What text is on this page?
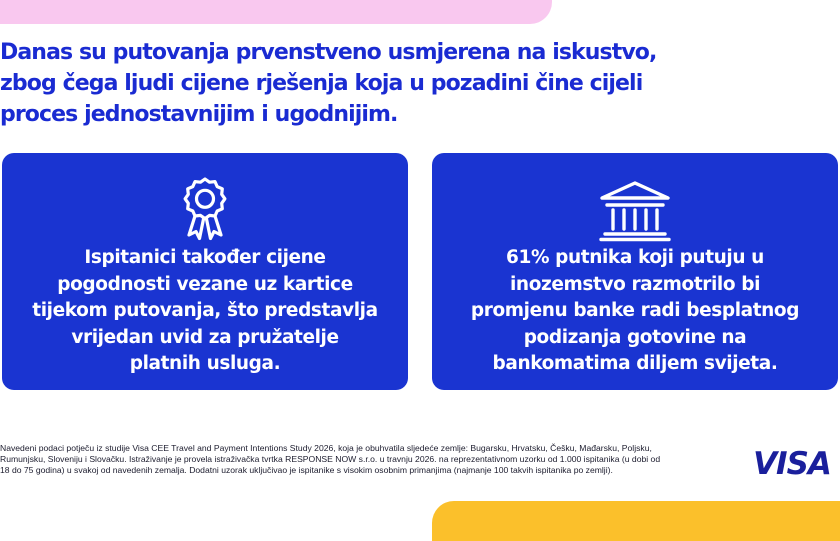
Danas su putovanja prvenstveno usmjerena na iskustvo,
zbog čega ljudi cijene rješenja koja u pozadini čine cijeli
proces jednostavnijim i ugodnijim.

Ispitanici također cijene
pogodnosti vezane uz kartice
tijekom putovanja, što predstavlja
vrijedan uvid za pružatelje
platnih usluga.

61% putnika koji putuju u
inozemstvo razmotrilo bi
promjenu banke radi besplatnog
podizanja gotovine na
bankomatima diljem svijeta.

Navedeni podaci potječu iz studije Visa CEE Travel and Payment Intentions Study 2026, koja je obuhvatila sljedeće zemlje: Bugarsku, Hrvatsku, Češku, Mađarsku, Poljsku,
Rumunjsku, Sloveniju i Slovačku. Istraživanje je provela istraživačka tvrtka RESPONSE NOW s.r.o. u travnju 2026. na reprezentativnom uzorku od 1.000 ispitanika (u dobi od
18 do 75 godina) u svakoj od navedenih zemalja. Dodatni uzorak uključivao je ispitanike s visokim osobnim primanjima (najmanje 100 takvih ispitanika po zemlji).	VISA
